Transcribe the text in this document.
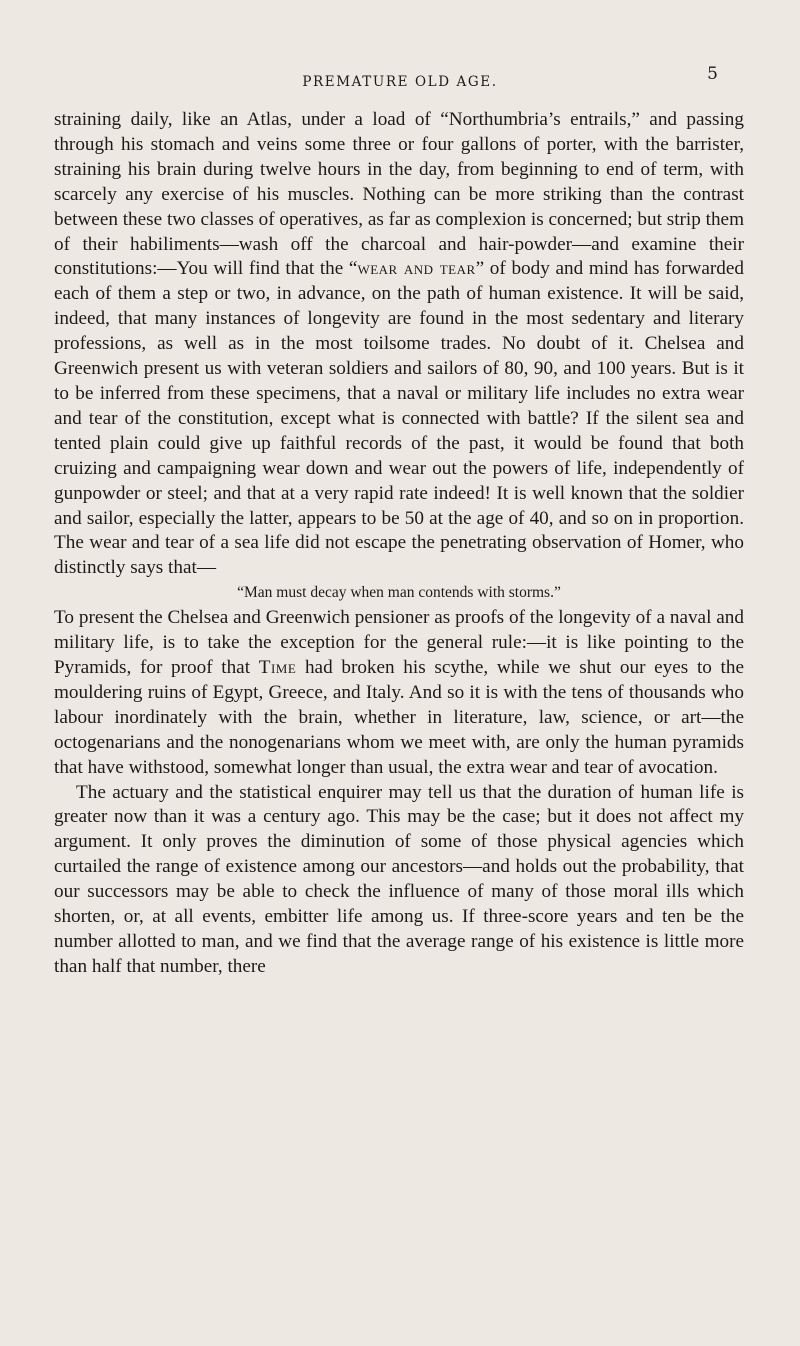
PREMATURE OLD AGE.	5

straining daily, like an Atlas, under a load of “Northumbria’s entrails,” and passing through his stomach and veins some three or four gallons of porter, with the barrister, straining his brain during twelve hours in the day, from beginning to end of term, with scarcely any exercise of his muscles. Nothing can be more striking than the contrast between these two classes of operatives, as far as complexion is concerned; but strip them of their habiliments—wash off the charcoal and hair-powder—and examine their constitutions:—You will find that the “wear and tear” of body and mind has forwarded each of them a step or two, in advance, on the path of human existence. It will be said, indeed, that many instances of longevity are found in the most sedentary and literary professions, as well as in the most toilsome trades. No doubt of it. Chelsea and Greenwich present us with veteran soldiers and sailors of 80, 90, and 100 years. But is it to be inferred from these specimens, that a naval or military life includes no extra wear and tear of the constitution, except what is connected with battle? If the silent sea and tented plain could give up faithful records of the past, it would be found that both cruizing and campaigning wear down and wear out the powers of life, independently of gunpowder or steel; and that at a very rapid rate indeed! It is well known that the soldier and sailor, especially the latter, appears to be 50 at the age of 40, and so on in proportion. The wear and tear of a sea life did not escape the penetrating observation of Homer, who distinctly says that—

“Man must decay when man contends with storms.”

To present the Chelsea and Greenwich pensioner as proofs of the longevity of a naval and military life, is to take the exception for the general rule:—it is like pointing to the Pyramids, for proof that Time had broken his scythe, while we shut our eyes to the mouldering ruins of Egypt, Greece, and Italy. And so it is with the tens of thousands who labour inordinately with the brain, whether in literature, law, science, or art—the octogenarians and the nonogenarians whom we meet with, are only the human pyramids that have withstood, somewhat longer than usual, the extra wear and tear of avocation.

The actuary and the statistical enquirer may tell us that the duration of human life is greater now than it was a century ago. This may be the case; but it does not affect my argument. It only proves the diminution of some of those physical agencies which curtailed the range of existence among our ancestors—and holds out the probability, that our successors may be able to check the influence of many of those moral ills which shorten, or, at all events, embitter life among us. If three-score years and ten be the number allotted to man, and we find that the average range of his existence is little more than half that number, there
